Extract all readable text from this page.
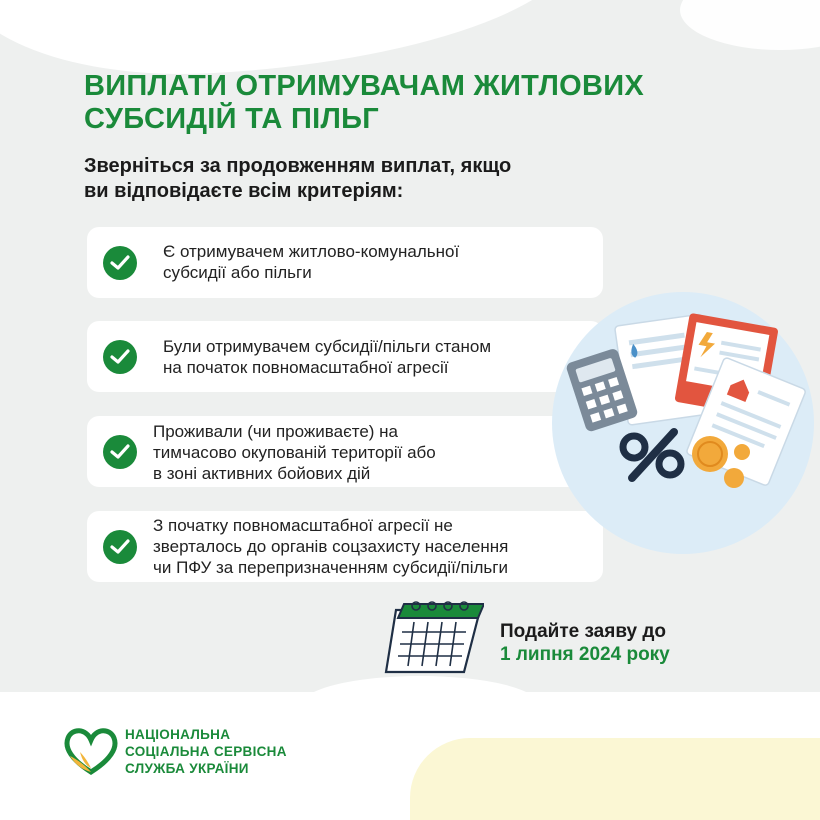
ВИПЛАТИ ОТРИМУВАЧАМ ЖИТЛОВИХ
СУБСИДІЙ ТА ПІЛЬГ
Зверніться за продовженням виплат, якщо
ви відповідаєте всім критеріям:
Є отримувачем житлово-комунальної
субсидії або пільги
Були отримувачем субсидії/пільги станом
на початок повномасштабної агресії
Проживали (чи проживаєте) на
тимчасово окупованій території або
в зоні активних бойових дій
З початку повномасштабної агресії не
зверталось до органів соцзахисту населення
чи ПФУ за перепризначенням субсидії/пільги
Подайте заяву до
1 липня 2024 року
НАЦІОНАЛЬНА
СОЦІАЛЬНА СЕРВІСНА
СЛУЖБА УКРАЇНИ
